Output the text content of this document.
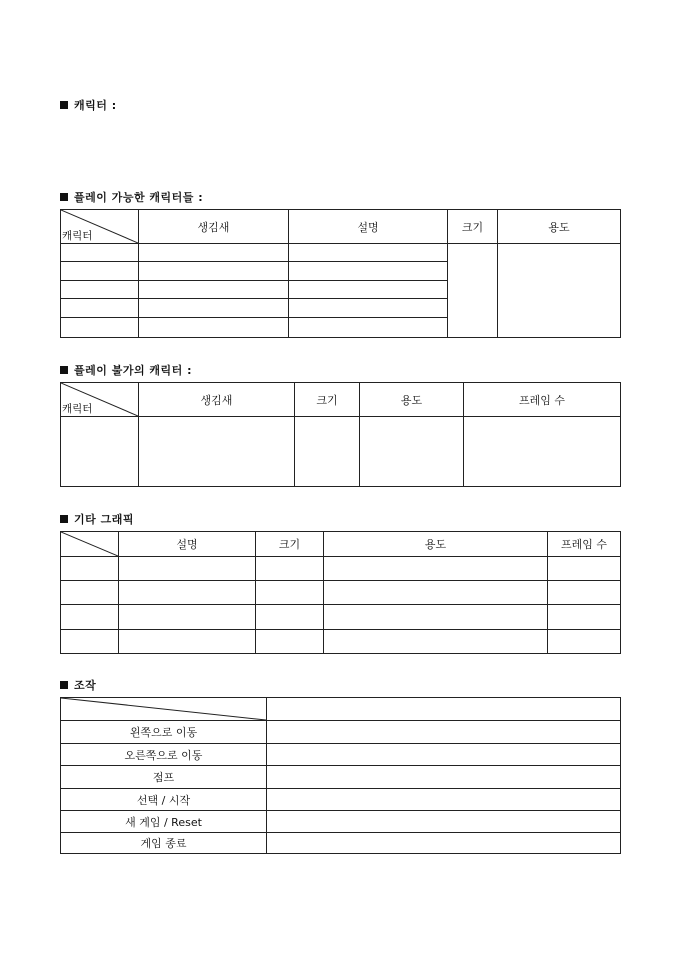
캐릭터 :
플레이 가능한 캐릭터들 :
캐릭터	생김새	설명	크기	용도

플레이 불가의 캐릭터 :
캐릭터	생김새	크기	용도	프레임 수

기타 그래픽
	설명	크기	용도	프레임 수

조작

왼쪽으로 이동	
오른쪽으로 이동	
점프	
선택 / 시작	
새 게임 / Reset	
게임 종료	
